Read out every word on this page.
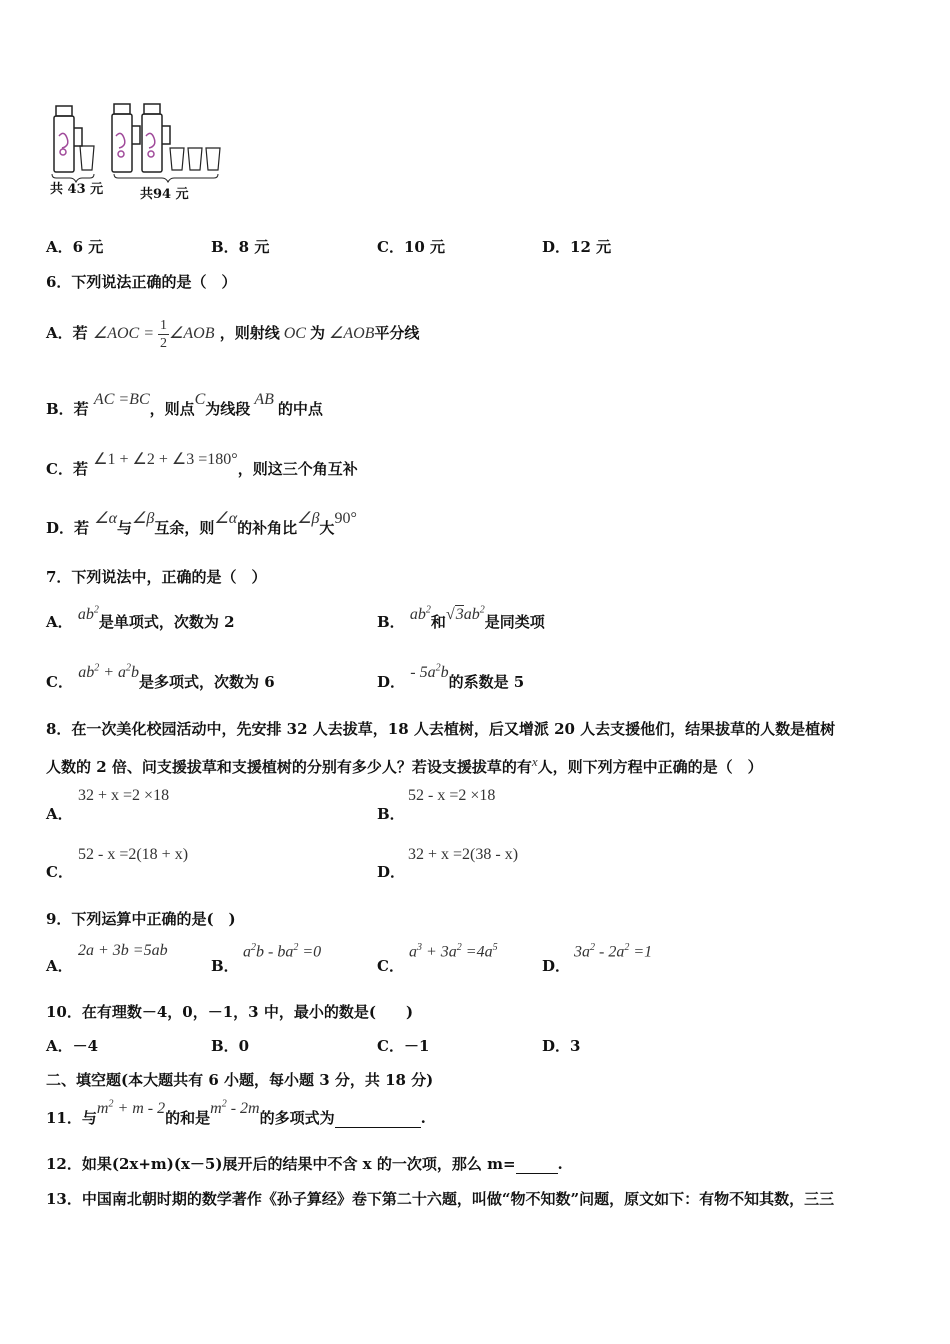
共 43 元	共94 元
A．6 元	B．8 元	C．10 元	D．12 元
6．下列说法正确的是（　）
A．若 ∠AOC = $\frac{1}{2}$ ∠AOB ，则射线 OC 为 ∠AOB平分线
B．若 AC =BC，则点C为线段 AB 的中点
C．若 ∠1 + ∠2 + ∠3 =180°，则这三个角互补
D．若 ∠α与∠β互余，则∠α的补角比∠β大90°
7．下列说法中，正确的是（　）
A． $ab^2$是单项式，次数为 2	B． $ab^2$和$√3ab^2$是同类项
C． $ab^2 + a^2b$是多项式，次数为 6	D． - $5a^2b$的系数是 5
8．在一次美化校园活动中，先安排 32 人去拔草，18 人去植树，后又增派 20 人去支援他们，结果拔草的人数是植树
人数的 2 倍、问支援拔草和支援植树的分别有多少人？若设支援拔草的有x人，则下列方程中正确的是（　）
A．
32 + x =2 ×18
B．
52 - x =2 ×18
C．
52 - x =2(18 + x)
D．
32 + x =2(38 - x)
9．下列运算中正确的是(　)
A．
2a + 3b =5ab
B．
$a^2b - ba^2 =0$
C．
$a^3 + 3a^2 =4a^5$
D．
$3a^2 - 2a^2 =1$
10．在有理数－4，0，－1，3 中，最小的数是(　　)
A．－4	B．0	C．－1	D．3
二、填空题(本大题共有 6 小题，每小题 3 分，共 18 分)
11．与$m^2 + m - 2$的和是$m^2 - 2m$的多项式为	.
12．如果(2x+m)(x－5)展开后的结果中不含 x 的一次项，那么 m=	.
13．中国南北朝时期的数学著作《孙子算经》卷下第二十六题，叫做“物不知数”问题，原文如下：有物不知其数，三三
